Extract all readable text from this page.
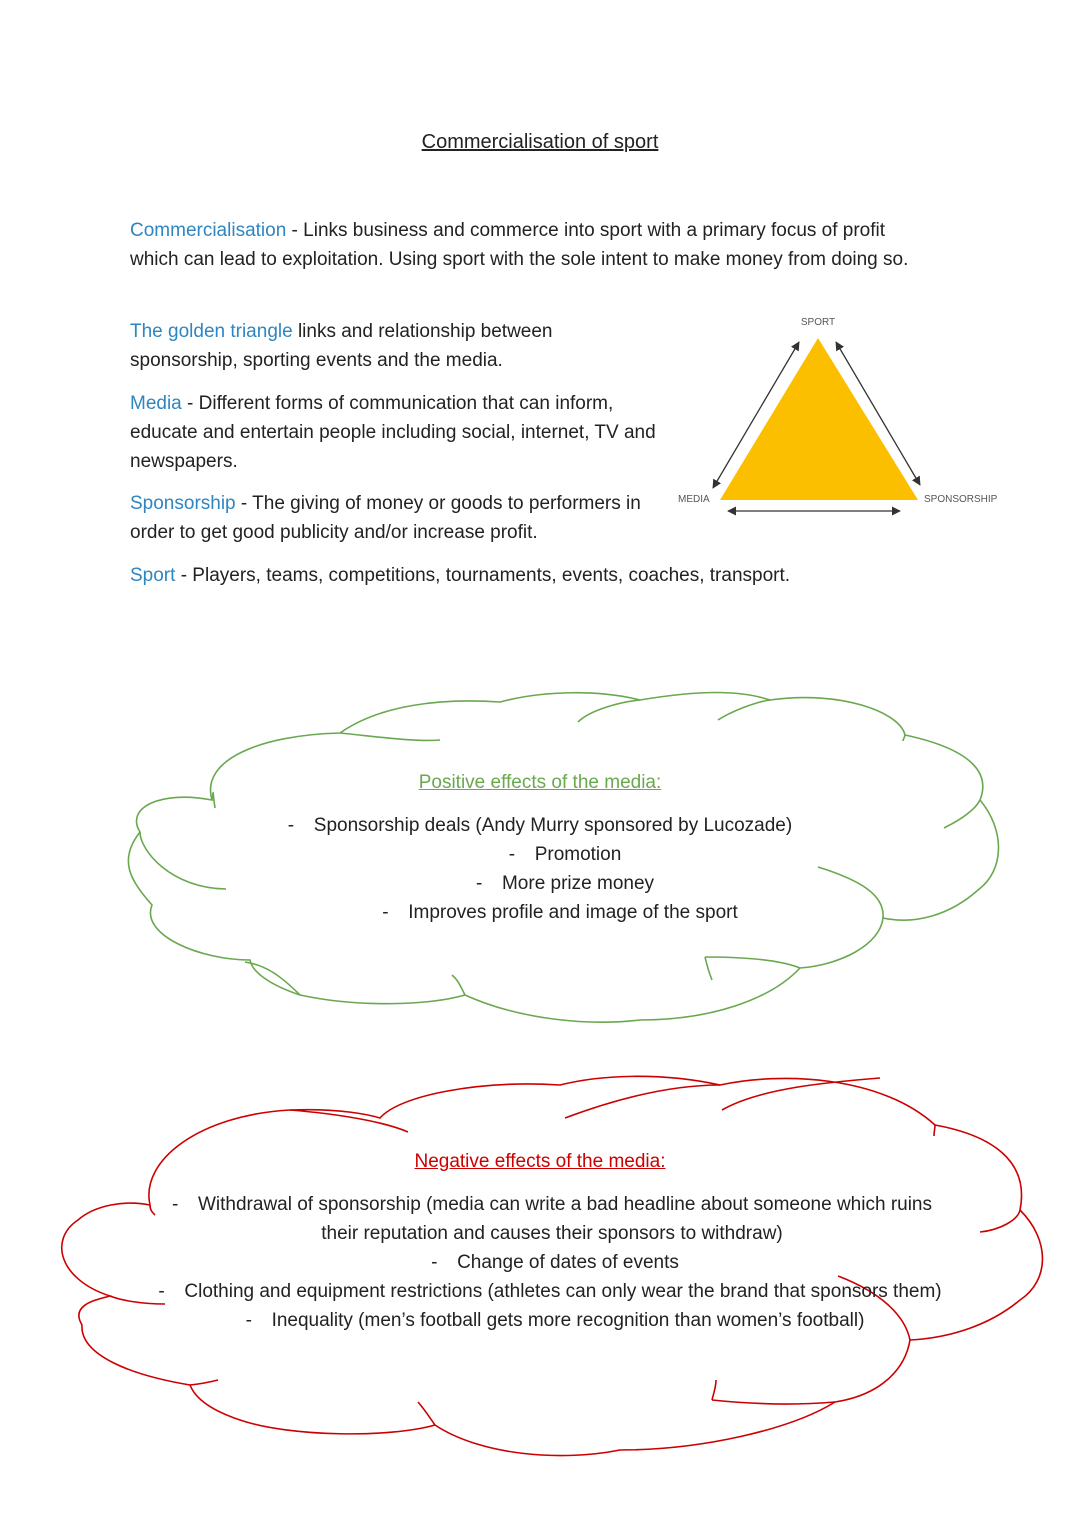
Commercialisation of sport

Commercialisation - Links business and commerce into sport with a primary focus of profit which can lead to exploitation. Using sport with the sole intent to make money from doing so.

The golden triangle links and relationship between sponsorship, sporting events and the media.

Media - Different forms of communication that can inform, educate and entertain people including social, internet, TV and newspapers.

Sponsorship - The giving of money or goods to performers in order to get good publicity and/or increase profit.

Sport - Players, teams, competitions, tournaments, events, coaches, transport.

SPORT
MEDIA	SPONSORSHIP
Positive effects of the media:
- Sponsorship deals (Andy Murry sponsored by Lucozade)
- Promotion
- More prize money
- Improves profile and image of the sport
Negative effects of the media:
- Withdrawal of sponsorship (media can write a bad headline about someone which ruins their reputation and causes their sponsors to withdraw)
- Change of dates of events
- Clothing and equipment restrictions (athletes can only wear the brand that sponsors them)
- Inequality (men’s football gets more recognition than women’s football)
